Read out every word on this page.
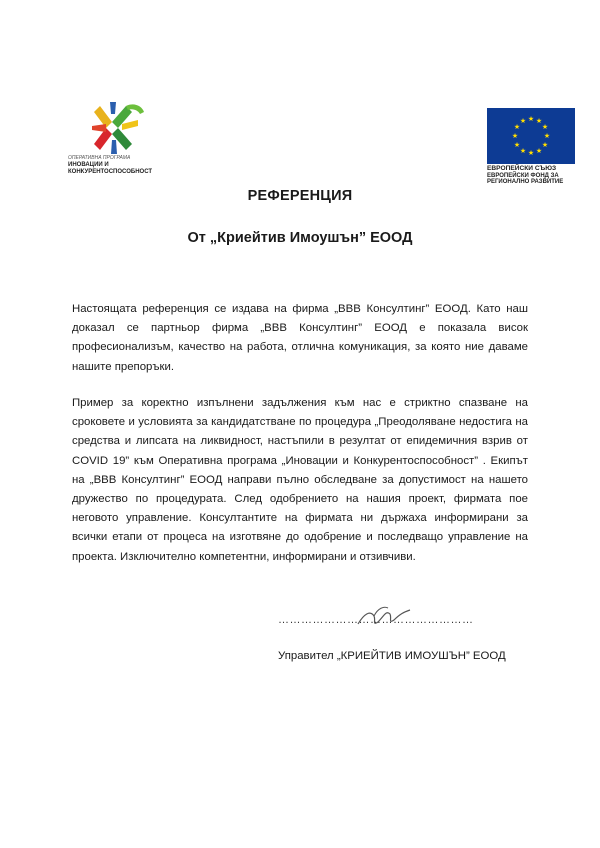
ОПЕРАТИВНА ПРОГРАМА
ИНОВАЦИИ И
КОНКУРЕНТОСПОСОБНОСТ
★ ★
★
★
★
★
★
★
★
★
★
★
ЕВРОПЕЙСКИ СЪЮЗ
ЕВРОПЕЙСКИ ФОНД ЗА
РЕГИОНАЛНО РАЗВИТИЕ
РЕФЕРЕНЦИЯ
От „Криейтив Имоушън” ЕООД
Настоящата референция се издава на фирма „ВВВ Консултинг” ЕООД. Като наш доказал се партньор фирма „ВВВ Консултинг” ЕООД е показала висок професионализъм, качество на работа, отлична комуникация, за която ние даваме нашите препоръки.
Пример за коректно изпълнени задължения към нас е стриктно спазване на сроковете и условията за кандидатстване по процедура „Преодоляване недостига на средства и липсата на ликвидност, настъпили в резултат от епидемичния взрив от COVID 19” към Оперативна програма „Иновации и Конкурентоспособност” . Екипът на „ВВВ Консултинг” ЕООД направи пълно обследване за допустимост на нашето дружество по процедурата. След одобрението на нашия проект, фирмата пое неговото управление. Консултантите на фирмата ни държаха информирани за всички етапи от процеса на изготвяне до одобрение и последващо управление на проекта. Изключително компетентни, информирани и отзивчиви.
……………………………………………
Управител „КРИЕЙТИВ ИМОУШЪН” ЕООД
